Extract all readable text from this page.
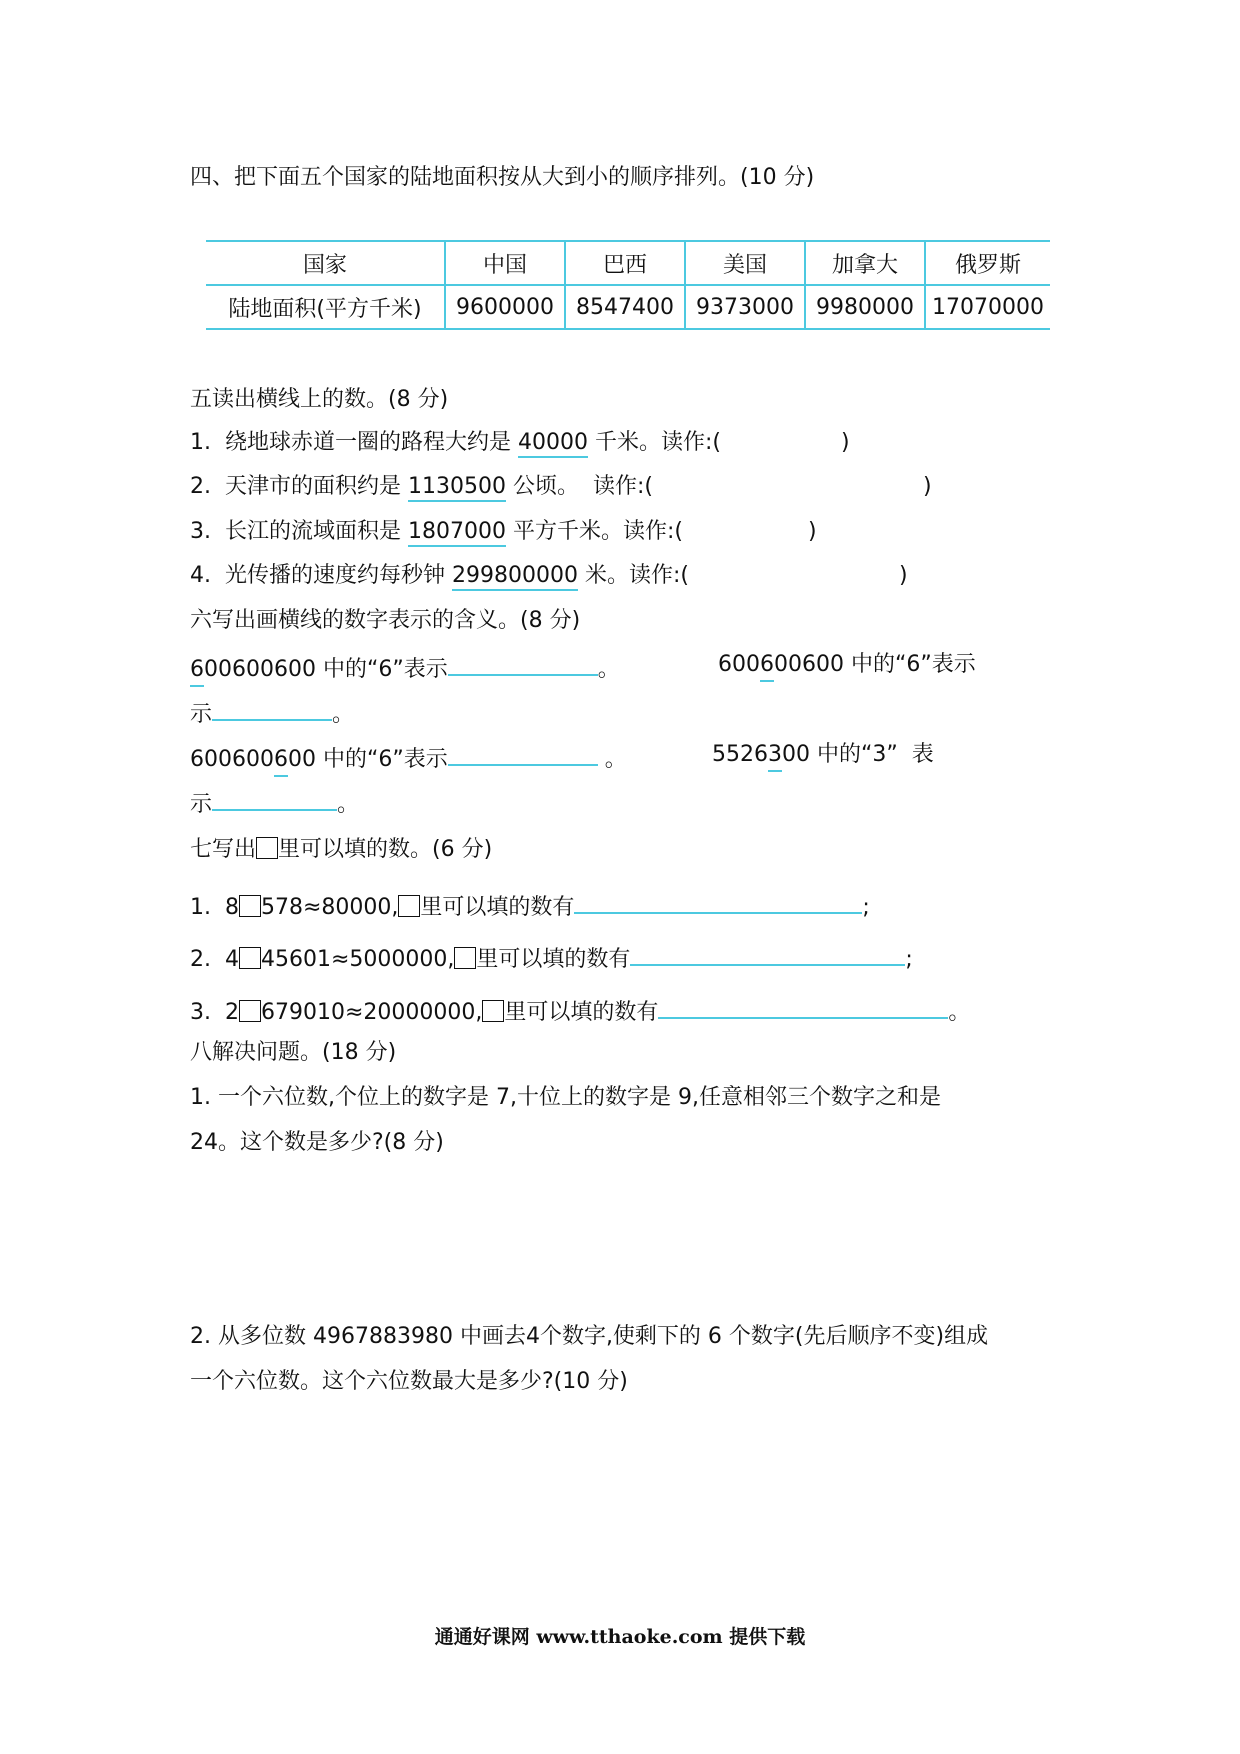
四、把下面五个国家的陆地面积按从大到小的顺序排列。(10 分)
国家	中国	巴西	美国	加拿大	俄罗斯
陆地面积(平方千米)	9600000	8547400	9373000	9980000	17070000
五读出横线上的数。(8 分)
1.  绕地球赤道一圈的路程大约是 40000 千米。读作:(	)
2.  天津市的面积约是 1130500 公顷。  读作:(	)
3.  长江的流域面积是 1807000 平方千米。读作:(	)
4.  光传播的速度约每秒钟 299800000 米。读作:(	)
六写出画横线的数字表示的含义。(8 分)
600600600 中的“6”表示	。	600600600 中的“6”表示
示	。
600600600 中的“6”表示	。	5526300 中的“3”  表
示	。
七写出 里可以填的数。(6 分)
1.  8 578≈80000, 里可以填的数有	;
2.  4 45601≈5000000, 里可以填的数有	;
3.  2 679010≈20000000, 里可以填的数有	。
八解决问题。(18 分)
1. 一个六位数,个位上的数字是 7,十位上的数字是 9,任意相邻三个数字之和是
24。这个数是多少?(8 分)
2. 从多位数 4967883980 中画去4个数字,使剩下的 6 个数字(先后顺序不变)组成
一个六位数。这个六位数最大是多少?(10 分)
通通好课网 www.tthaoke.com 提供下载
